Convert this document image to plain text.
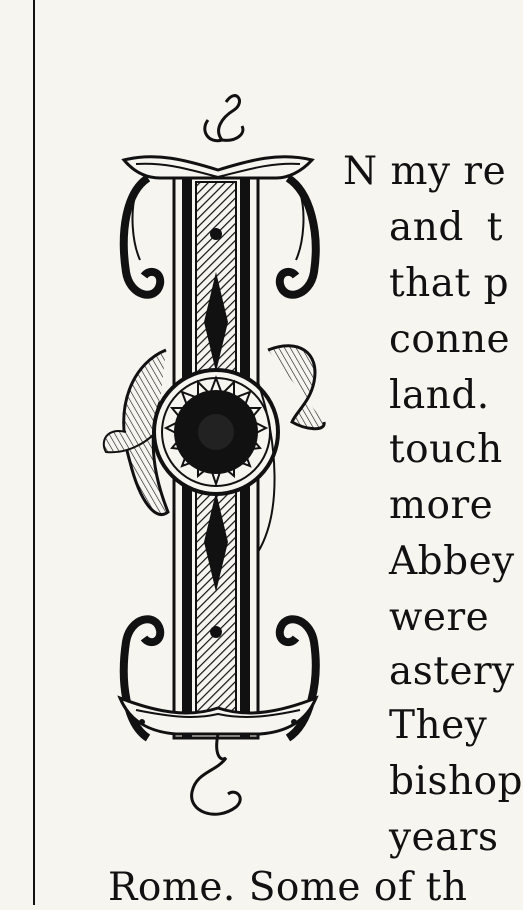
N my re
and t
that p
conne
land.
touch
more
Abbey
were
astery
They
bishop
years
Rome. Some of th
